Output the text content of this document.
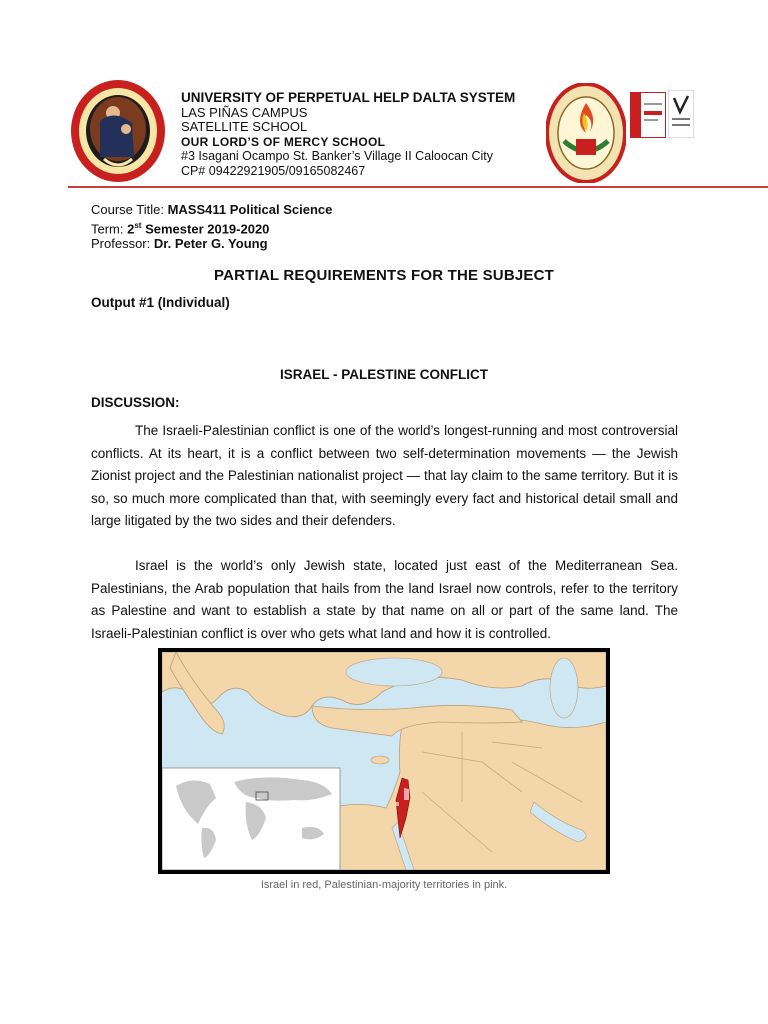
UNIVERSITY OF PERPETUAL HELP DALTA SYSTEM
LAS PIÑAS CAMPUS
SATELLITE SCHOOL
OUR LORD’S OF MERCY SCHOOL
#3 Isagani Ocampo St. Banker’s Village II Caloocan City
CP# 09422921905/09165082467
Course Title: MASS411 Political Science
Term: 2st Semester 2019-2020
Professor: Dr. Peter G. Young
PARTIAL REQUIREMENTS FOR THE SUBJECT
Output #1 (Individual)
ISRAEL - PALESTINE CONFLICT
DISCUSSION:

The Israeli-Palestinian conflict is one of the world’s longest-running and most controversial conflicts. At its heart, it is a conflict between two self-determination movements — the Jewish Zionist project and the Palestinian nationalist project — that lay claim to the same territory. But it is so, so much more complicated than that, with seemingly every fact and historical detail small and large litigated by the two sides and their defenders.

Israel is the world’s only Jewish state, located just east of the Mediterranean Sea. Palestinians, the Arab population that hails from the land Israel now controls, refer to the territory as Palestine and want to establish a state by that name on all or part of the same land. The Israeli-Palestinian conflict is over who gets what land and how it is controlled.

Israel in red, Palestinian-majority territories in pink.
